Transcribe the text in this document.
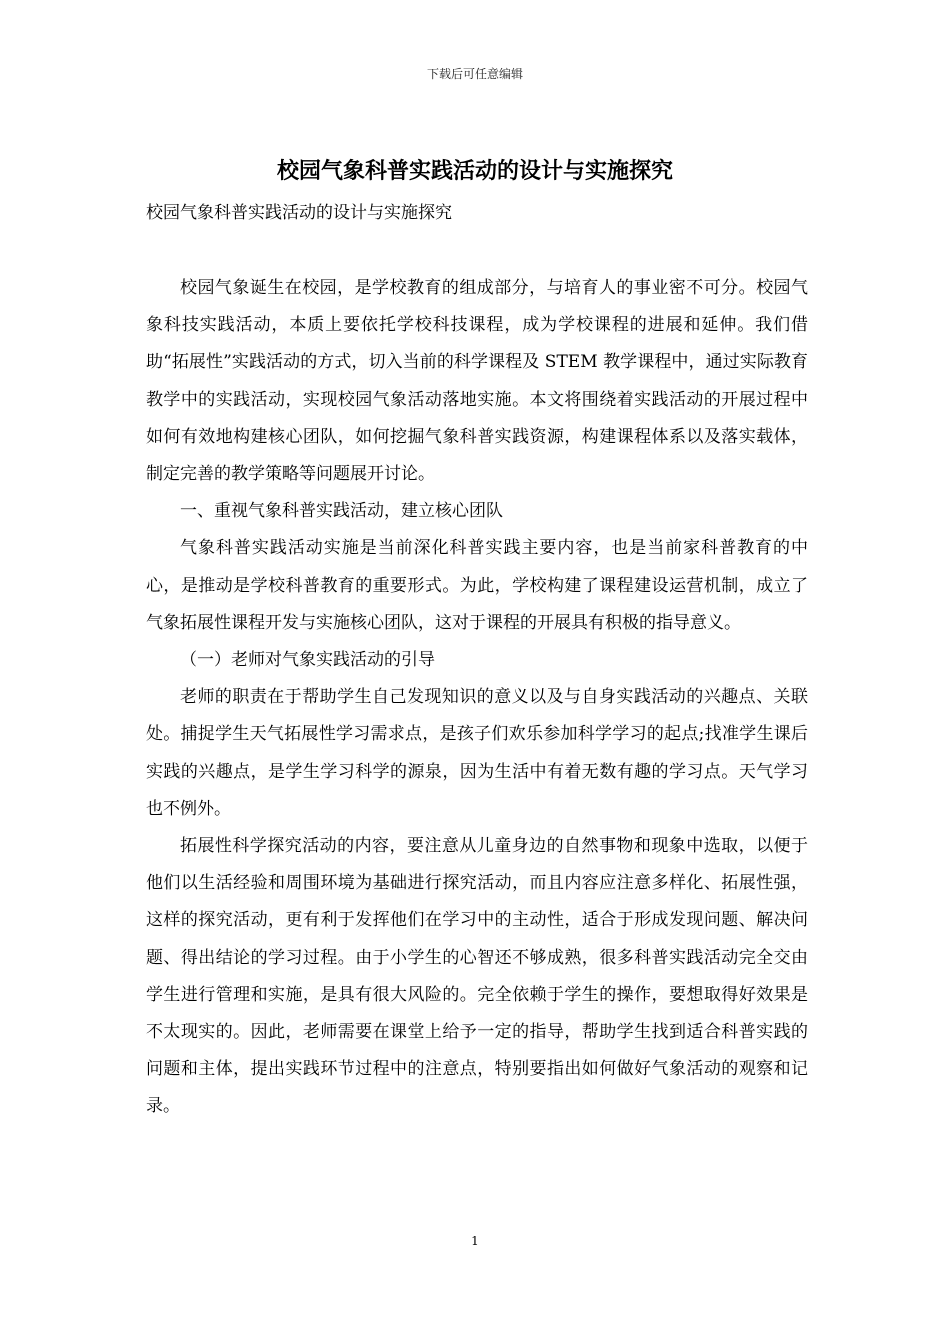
下载后可任意编辑
校园气象科普实践活动的设计与实施探究

校园气象科普实践活动的设计与实施探究

校园气象诞生在校园，是学校教育的组成部分，与培育人的事业密不可分。校园气象科技实践活动，本质上要依托学校科技课程，成为学校课程的进展和延伸。我们借助“拓展性”实践活动的方式，切入当前的科学课程及 STEM 教学课程中，通过实际教育教学中的实践活动，实现校园气象活动落地实施。本文将围绕着实践活动的开展过程中如何有效地构建核心团队，如何挖掘气象科普实践资源，构建课程体系以及落实载体，制定完善的教学策略等问题展开讨论。

一、重视气象科普实践活动，建立核心团队

气象科普实践活动实施是当前深化科普实践主要内容，也是当前家科普教育的中心，是推动是学校科普教育的重要形式。为此，学校构建了课程建设运营机制，成立了气象拓展性课程开发与实施核心团队，这对于课程的开展具有积极的指导意义。

（一）老师对气象实践活动的引导

老师的职责在于帮助学生自己发现知识的意义以及与自身实践活动的兴趣点、关联处。捕捉学生天气拓展性学习需求点，是孩子们欢乐参加科学学习的起点;找准学生课后实践的兴趣点，是学生学习科学的源泉，因为生活中有着无数有趣的学习点。天气学习也不例外。

拓展性科学探究活动的内容，要注意从儿童身边的自然事物和现象中选取，以便于他们以生活经验和周围环境为基础进行探究活动，而且内容应注意多样化、拓展性强，这样的探究活动，更有利于发挥他们在学习中的主动性，适合于形成发现问题、解决问题、得出结论的学习过程。由于小学生的心智还不够成熟，很多科普实践活动完全交由学生进行管理和实施，是具有很大风险的。完全依赖于学生的操作，要想取得好效果是不太现实的。因此，老师需要在课堂上给予一定的指导，帮助学生找到适合科普实践的问题和主体，提出实践环节过程中的注意点，特别要指出如何做好气象活动的观察和记录。

1
